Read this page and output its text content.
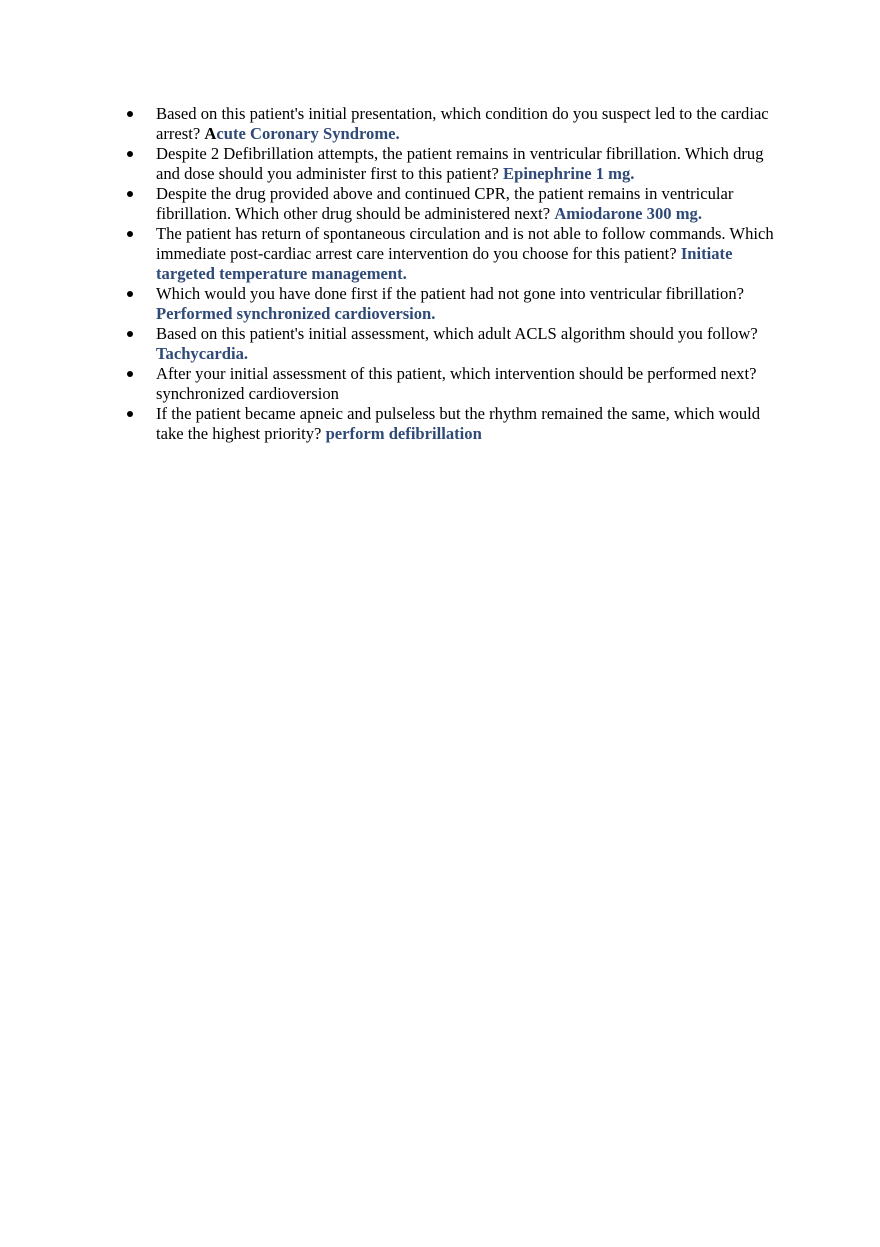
Based on this patient's initial presentation, which condition do you suspect led to the cardiac arrest? Acute Coronary Syndrome.
Despite 2 Defibrillation attempts, the patient remains in ventricular fibrillation. Which drug and dose should you administer first to this patient? Epinephrine 1 mg.
Despite the drug provided above and continued CPR, the patient remains in ventricular fibrillation. Which other drug should be administered next? Amiodarone 300 mg.
The patient has return of spontaneous circulation and is not able to follow commands. Which immediate post-cardiac arrest care intervention do you choose for this patient? Initiate targeted temperature management.
Which would you have done first if the patient had not gone into ventricular fibrillation? Performed synchronized cardioversion.
Based on this patient's initial assessment, which adult ACLS algorithm should you follow? Tachycardia.
After your initial assessment of this patient, which intervention should be performed next? synchronized cardioversion
If the patient became apneic and pulseless but the rhythm remained the same, which would take the highest priority? perform defibrillation
